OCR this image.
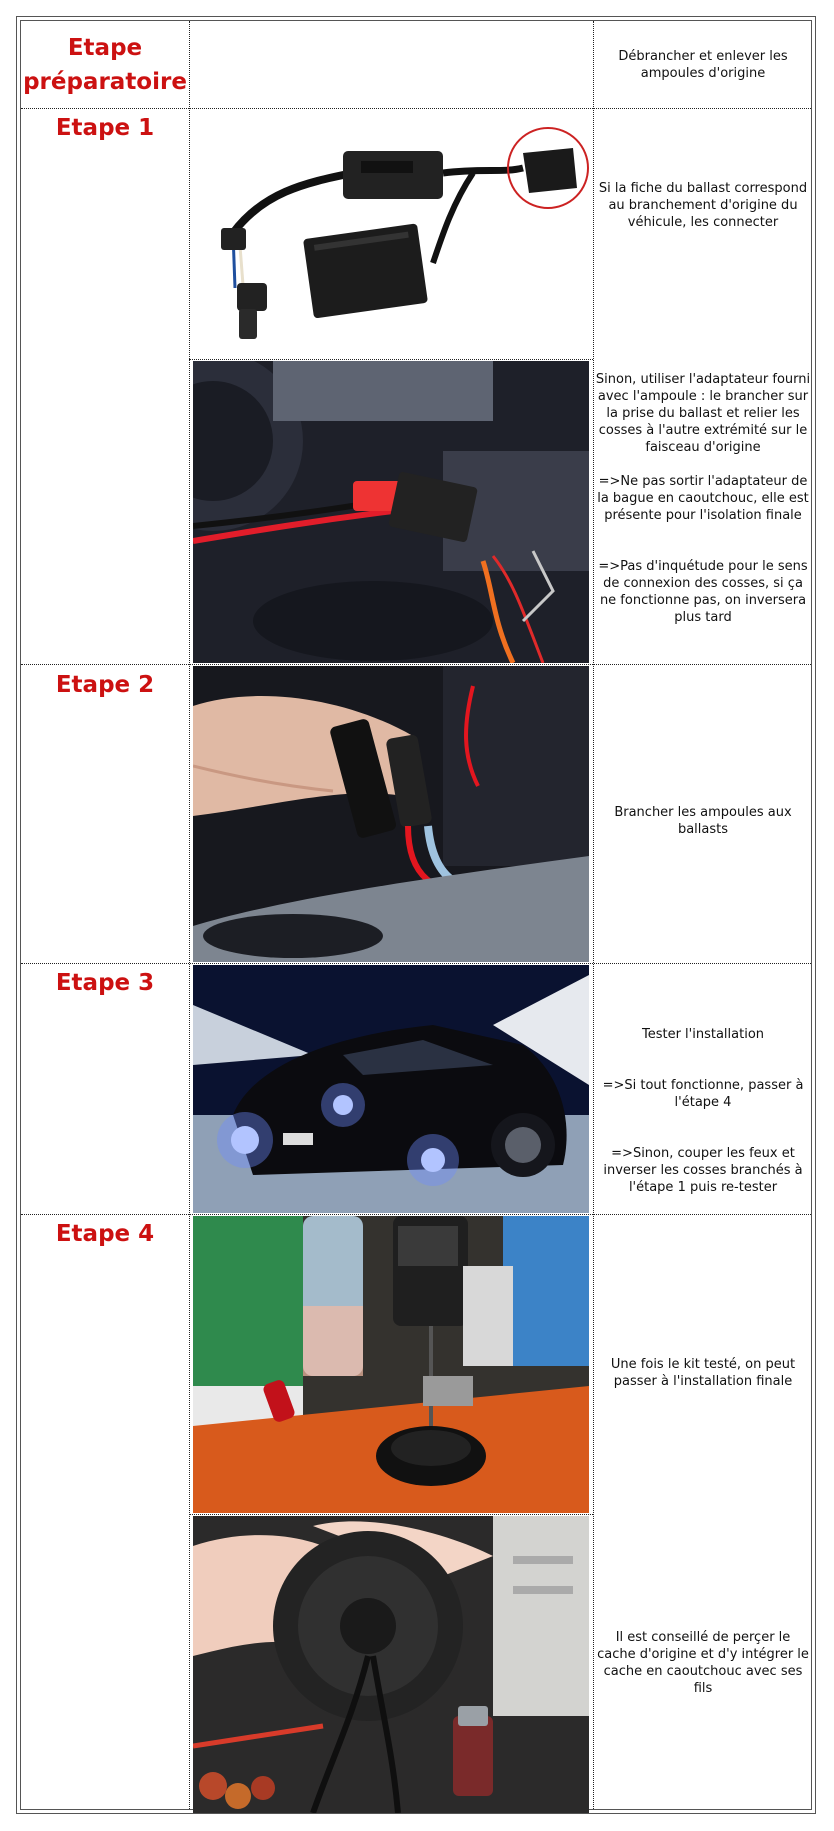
Etape
préparatoire

Débrancher et enlever les ampoules d'origine

Etape 1

Si la fiche du ballast correspond au branchement d'origine du véhicule, les connecter

Sinon, utiliser l'adaptateur fourni avec l'ampoule : le brancher sur la prise du ballast et relier les cosses à l'autre extrémité sur le faisceau d'origine

=>Ne pas sortir l'adaptateur de la bague en caoutchouc, elle est présente pour l'isolation finale

=>Pas d'inquétude pour le sens de connexion des cosses, si ça ne fonctionne pas, on inversera plus tard

Etape 2

Brancher les ampoules aux ballasts

Etape 3

Tester l'installation

=>Si tout fonctionne, passer à l'étape 4

=>Sinon, couper les feux et inverser les cosses branchés à l'étape 1 puis re-tester

Etape 4

Une fois le kit testé, on peut passer à l'installation finale

Il est conseillé de perçer le cache d'origine et d'y intégrer le cache en caoutchouc avec ses fils
